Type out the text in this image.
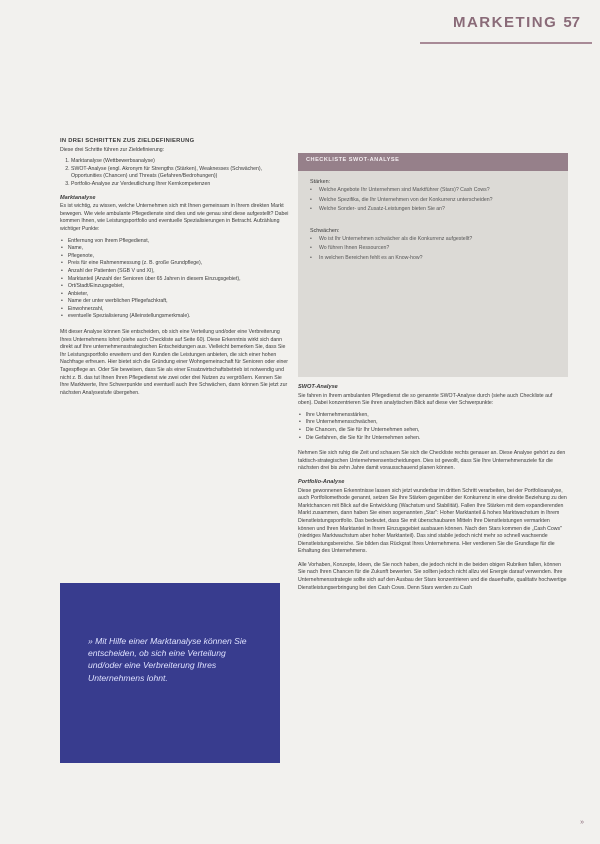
MARKETING 57
IN DREI SCHRITTEN ZUS ZIELDEFINIERUNG

Diese drei Schritte führen zur Zieldefinierung:

1. Marktanalyse (Wettbewerbsanalyse)
2. SWOT-Analyse (engl. Akronym für Strengths (Stärken), Weaknesses (Schwächen), Opportunities (Chancen) und Threats (Gefahren/Bedrohungen))
3. Portfolio-Analyse zur Verdeutlichung Ihrer Kernkompetenzen
Marktanalyse

Es ist wichtig, zu wissen, welche Unternehmen sich mit Ihnen gemeinsam in Ihrem direkten Markt bewegen. Wie viele ambulante Pflegedienste sind dies und wie genau sind diese aufgestellt? Dabei kommen Ihnen, wie Leistungsportfolio und eventuelle Spezialisierungen in Betracht. Aufzählung wichtiger Punkte:

• Entfernung von Ihrem Pflegedienst,
• Name,
• Pflegenote,
• Preis für eine Rahmenmessung (z. B. große Grundpflege),
• Anzahl der Patienten (SGB V und XI),
• Marktanteil (Anzahl der Senioren über 65 Jahren in diesem Einzugsgebiet),
• Ort/Stadt/Einzugsgebiet,
• Anbieter,
• Name der unter werblichen Pflegefachkraft,
• Einwohnerzahl,
• eventuelle Spezialisierung (Alleinstellungsmerkmale).

Mit dieser Analyse können Sie entscheiden, ob sich eine Verteilung und/oder eine Verbreiterung Ihres Unternehmens lohnt (siehe auch Checkliste auf Seite 60). Diese Erkenntnis wirkt sich dann direkt auf Ihre unternehmensstrategischen Entscheidungen aus. Vielleicht bemerken Sie, dass Sie Ihr Leistungsportfolio erweitern und den Kunden die Leistungen anbieten, die sich einer hohen Nachfrage erfreuen. Hier bietet sich die Gründung einer Wohngemeinschaft für Senioren oder einer Tagespflege an. Oder Sie beweisen, dass Sie als einer Ersatzwirtschaftsbetrieb ist notwendig und nicht z. B. das tut Ihnen Ihren Pflegedienst wie zwei oder drei Nutzen zu vergrößern. Kennen Sie Ihre Marktwerte, Ihre Schwerpunkte und eventuell auch Ihre Schwächen, dann können Sie jetzt zur nächsten Analysestufe übergehen.

CHECKLISTE SWOT-ANALYSE
Stärken:
• Welche Angebote Ihr Unternehmen sind Marktführer (Stars)? Cash Cows?
• Welche Spezifika, die Ihr Unternehmen von der Konkurrenz unterscheiden?
• Welche Sonder- und Zusatz-Leistungen bieten Sie an?
Schwächen:
• Wo ist Ihr Unternehmen schwächer als die Konkurrenz aufgestellt?
• Wo führen Ihnen Ressourcen?
• In welchen Bereichen fehlt es an Know-how?
SWOT-Analyse

Sie fahren in Ihrem ambulanten Pflegedienst die so genannte SWOT-Analyse durch (siehe auch Checkliste auf oben). Dabei konzentrieren Sie ihren analytischen Blick auf diese vier Schwerpunkte:

• Ihre Unternehmensstärken,
• Ihre Unternehmensschwächen,
• Die Chancen, die Sie für Ihr Unternehmen sehen,
• Die Gefahren, die Sie für Ihr Unternehmen sehen.

Nehmen Sie sich ruhig die Zeit und schauen Sie sich die Checkliste rechts genauer an. Diese Analyse gehört zu den taktisch-strategischen Unternehmensentscheidungen. Dies ist gewollt, dass Sie Ihre Unternehmensziele für die nächsten drei bis zehn Jahre damit vorausschauend planen können.

Portfolio-Analyse

Diese gewonnenen Erkenntnisse lassen sich jetzt wunderbar im dritten Schritt verarbeiten, bei der Portfolioanalyse, auch Portfoliomethode genannt, setzen Sie Ihre Stärken gegenüber der Konkurrenz in eine direkte Beziehung zu den Marktchancen mit Blick auf die Entwicklung (Wachstum und Stabilität). Fallen Ihre Stärken mit dem expandierenden Markt zusammen, dann haben Sie einen sogenannten „Star": Hoher Marktanteil & hohes Marktwachstum in Ihrem Dienstleistungsportfolio. Das bedeutet, dass Sie mit überschaubaren Mitteln Ihre Dienstleistungen vermarkten können und Ihren Marktanteil in Ihrem Einzugsgebiet ausbauen können. Nach den Stars kommen die „Cash Cows" (niedriges Marktwachstum aber hoher Marktanteil). Das sind stabile jedoch nicht mehr so schnell wachsende Dienstleistungsbereiche. Sie bilden das Rückgrat Ihres Unternehmens. Hier verdienen Sie die Grundlage für die Erhaltung des Unternehmens.

Alle Vorhaben, Konzepte, Ideen, die Sie noch haben, die jedoch nicht in die beiden obigen Rubriken fallen, können Sie nach Ihren Chancen für die Zukunft bewerten. Sie sollten jedoch nicht allzu viel Energie darauf verwenden. Ihre Unternehmensstrategie sollte sich auf den Ausbau der Stars konzentrieren und die dauerhafte, qualitativ hochwertige Dienstleistungserbringung bei den Cash Cows. Denn Stars werden zu Cash

» Mit Hilfe einer Marktanalyse können Sie entscheiden, ob sich eine Verteilung und/oder eine Verbreiterung Ihres Unternehmens lohnt.
»
